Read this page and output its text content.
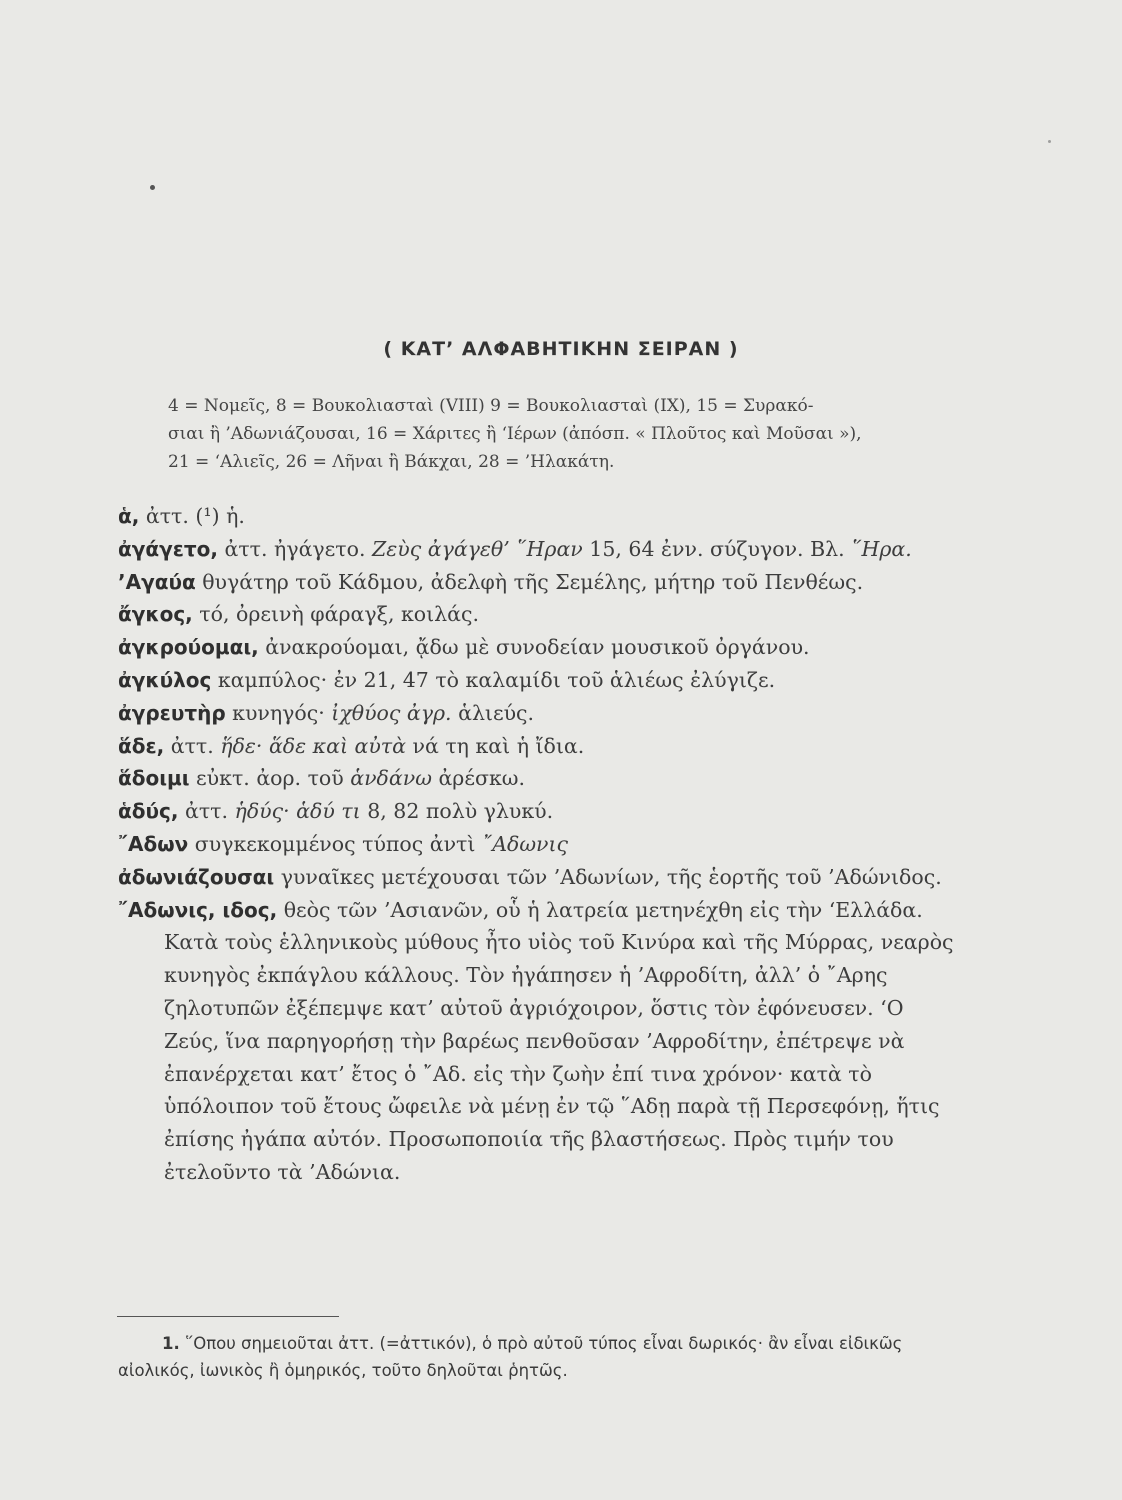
( ΚΑΤ’ ΑΛΦΑΒΗΤΙΚΗΝ ΣΕΙΡΑΝ )

4 = Νομεῖς, 8 = Βουκολιασταὶ (VIII) 9 = Βουκολιασταὶ (IX), 15 = Συρακό-

σιαι ἢ ’Αδωνιάζουσαι, 16 = Χάριτες ἢ ‘Ιέρων (ἀπόσπ. « Πλοῦτος καὶ Μοῦσαι »),

21 = ‘Αλιεῖς, 26 = Λῆναι ἢ Βάκχαι, 28 = ’Ηλακάτη.

ἁ, ἀττ. (¹) ἡ.

ἀγάγετο, ἀττ. ἠγάγετο. Ζεὺς ἀγάγεθ’ ῞Ηραν 15, 64 ἐνν. σύζυγον. Βλ. ῞Ηρα.

’Αγαύα θυγάτηρ τοῦ Κάδμου, ἀδελφὴ τῆς Σεμέλης, μήτηρ τοῦ Πενθέως.

ἄγκος, τό, ὀρεινὴ φάραγξ, κοιλάς.

ἀγκρούομαι, ἀνακρούομαι, ᾄδω μὲ συνοδείαν μουσικοῦ ὀργάνου.

ἀγκύλος καμπύλος· ἐν 21, 47 τὸ καλαμίδι τοῦ ἁλιέως ἐλύγιζε.

ἀγρευτὴρ κυνηγός· ἰχθύος ἀγρ. ἁλιεύς.

ἅδε, ἀττ. ἥδε· ἅδε καὶ αὐτὰ νά τη καὶ ἡ ἴδια.

ἅδοιμι εὐκτ. ἀορ. τοῦ ἁνδάνω ἀρέσκω.

ἁδύς, ἀττ. ἡδύς· ἁδύ τι 8, 82 πολὺ γλυκύ.

῎Αδων συγκεκομμένος τύπος ἀντὶ ῎Αδωνις

ἀδωνιάζουσαι γυναῖκες μετέχουσαι τῶν ’Αδωνίων, τῆς ἑορτῆς τοῦ ’Αδώνιδος.

῎Αδωνις, ιδος, θεὸς τῶν ’Ασιανῶν, οὗ ἡ λατρεία μετηνέχθη εἰς τὴν ‘Ελλάδα. Κατὰ τοὺς ἑλληνικοὺς μύθους ἦτο υἱὸς τοῦ Κινύρα καὶ τῆς Μύρρας, νεαρὸς κυνηγὸς ἐκπάγλου κάλλους. Τὸν ἠγάπησεν ἡ ’Αφροδίτη, ἀλλ’ ὁ ῎Αρης ζηλοτυπῶν ἐξέπεμψε κατ’ αὐτοῦ ἀγριόχοιρον, ὅστις τὸν ἐφόνευσεν. ‘Ο Ζεύς, ἵνα παρηγορήσῃ τὴν βαρέως πενθοῦσαν ’Αφροδίτην, ἐπέτρεψε νὰ ἐπανέρχεται κατ’ ἔτος ὁ ῎Αδ. εἰς τὴν ζωὴν ἐπί τινα χρόνον· κατὰ τὸ ὑπόλοιπον τοῦ ἔτους ὤφειλε νὰ μένῃ ἐν τῷ ῞Αδῃ παρὰ τῇ Περσεφόνῃ, ἥτις ἐπίσης ἠγάπα αὐτόν. Προσωποποιία τῆς βλαστήσεως. Πρὸς τιμήν του ἐτελοῦντο τὰ ’Αδώνια.

1. ῞Οπου σημειοῦται ἀττ. (=ἀττικόν), ὁ πρὸ αὐτοῦ τύπος εἶναι δωρικός· ἂν εἶναι εἰδικῶς αἰολικός, ἰωνικὸς ἢ ὁμηρικός, τοῦτο δηλοῦται ῥητῶς.
